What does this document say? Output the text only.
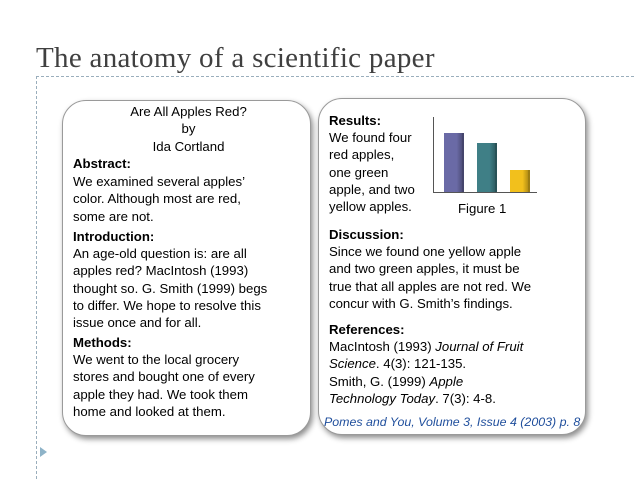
The anatomy of a scientific paper
Are All Apples Red?
by
Ida Cortland
Abstract:
We examined several apples’
color. Although most are red,
some are not.
Introduction:
An age-old question is: are all
apples red? MacIntosh (1993)
thought so. G. Smith (1999) begs
to differ. We hope to resolve this
issue once and for all.
Methods:
We went to the local grocery
stores and bought one of every
apple they had. We took them
home and looked at them.
Results:
We found four
red apples,
one green
apple, and two
yellow apples.	Figure 1
Discussion:
Since we found one yellow apple
and two green apples, it must be
true that all apples are not red. We
concur with G. Smith’s findings.
References:
MacIntosh (1993) Journal of Fruit
Science. 4(3): 121-135.
Smith, G. (1999) Apple
Technology Today. 7(3): 4-8.
Pomes and You, Volume 3, Issue 4 (2003) p. 8
